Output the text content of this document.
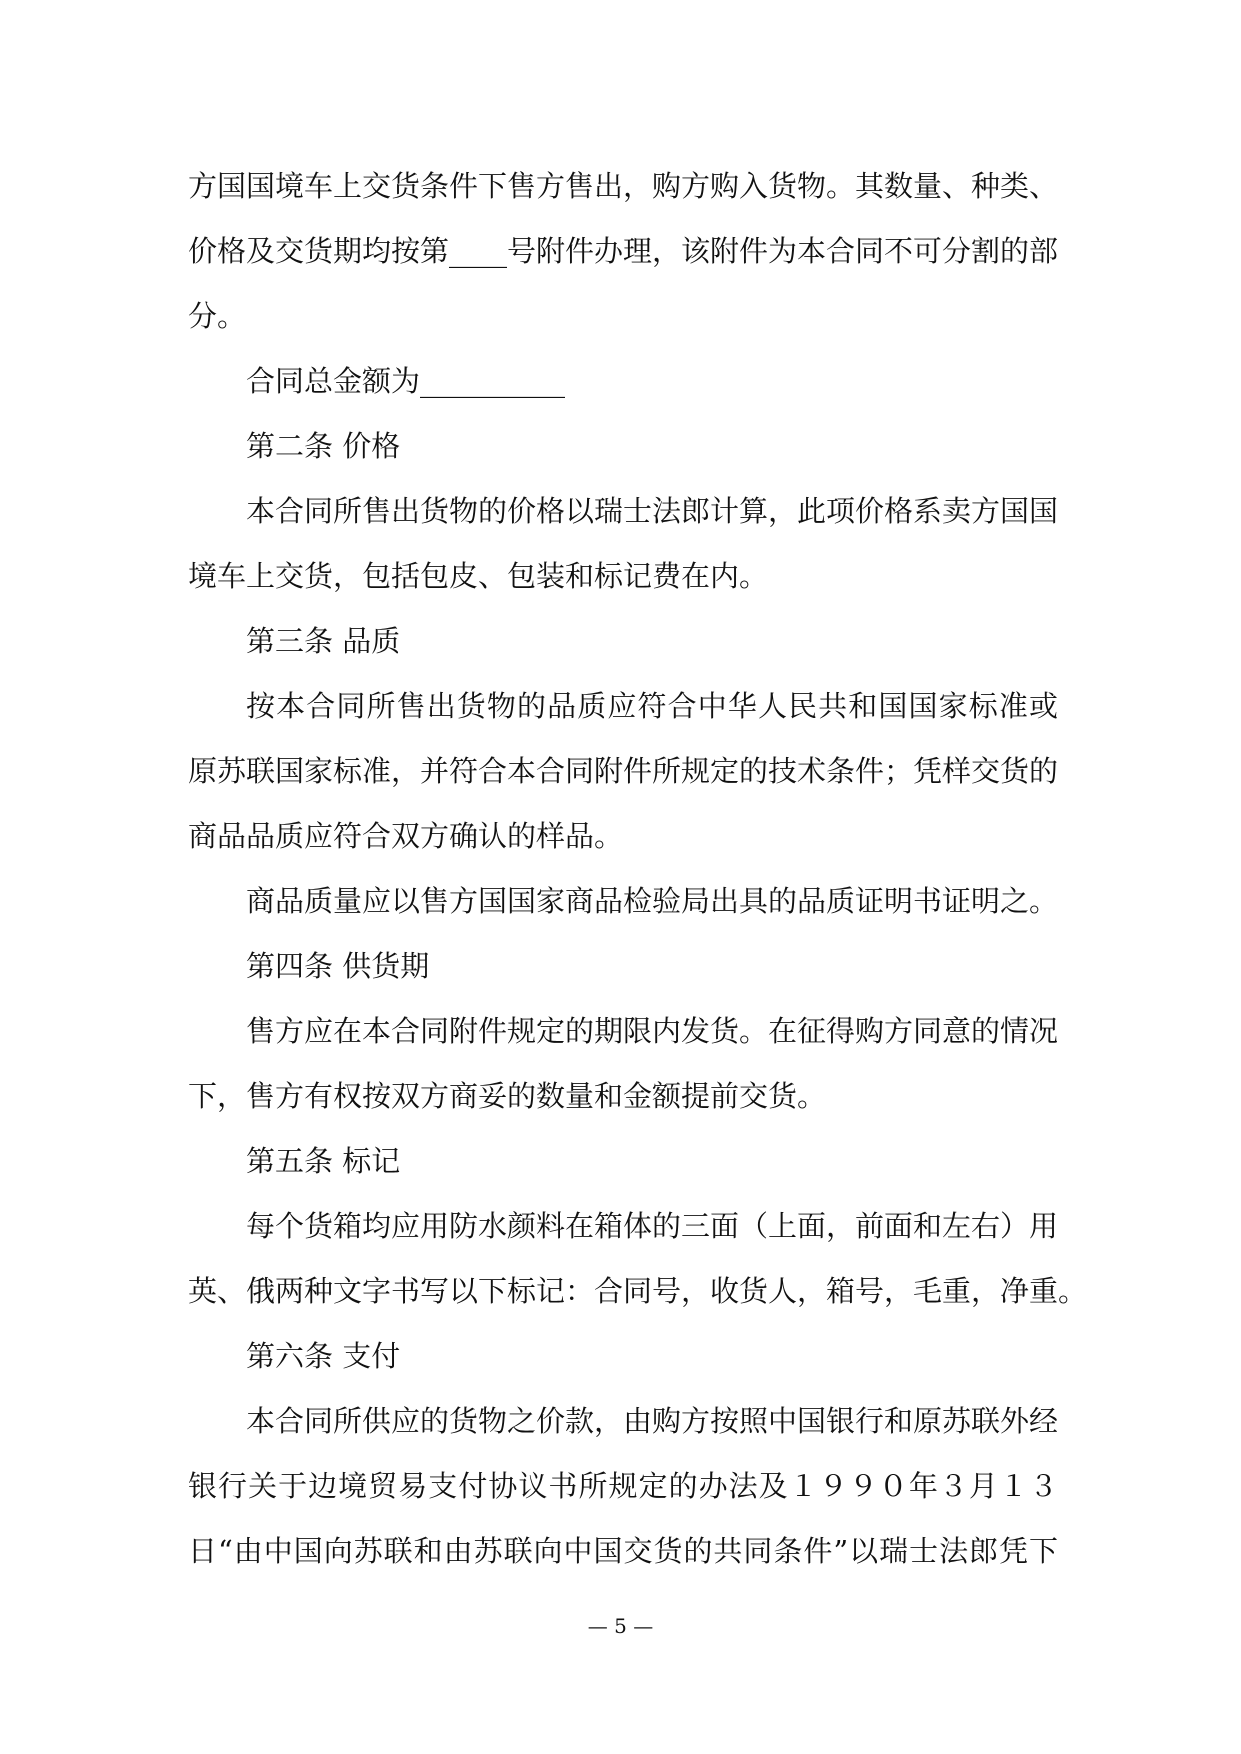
方国国境车上交货条件下售方售出，购方购入货物。其数量、种类、
价格及交货期均按第____号附件办理，该附件为本合同不可分割的部
分。
合同总金额为__________
第二条 价格
本合同所售出货物的价格以瑞士法郎计算，此项价格系卖方国国
境车上交货，包括包皮、包装和标记费在内。
第三条 品质
按本合同所售出货物的品质应符合中华人民共和国国家标准或
原苏联国家标准，并符合本合同附件所规定的技术条件；凭样交货的
商品品质应符合双方确认的样品。
商品质量应以售方国国家商品检验局出具的品质证明书证明之。
第四条 供货期
售方应在本合同附件规定的期限内发货。在征得购方同意的情况
下，售方有权按双方商妥的数量和金额提前交货。
第五条 标记
每个货箱均应用防水颜料在箱体的三面（上面，前面和左右）用
英、俄两种文字书写以下标记：合同号，收货人，箱号，毛重，净重。
第六条 支付
本合同所供应的货物之价款，由购方按照中国银行和原苏联外经
银行关于边境贸易支付协议书所规定的办法及１９９０年３月１３
日“由中国向苏联和由苏联向中国交货的共同条件”以瑞士法郎凭下
— 5 —
